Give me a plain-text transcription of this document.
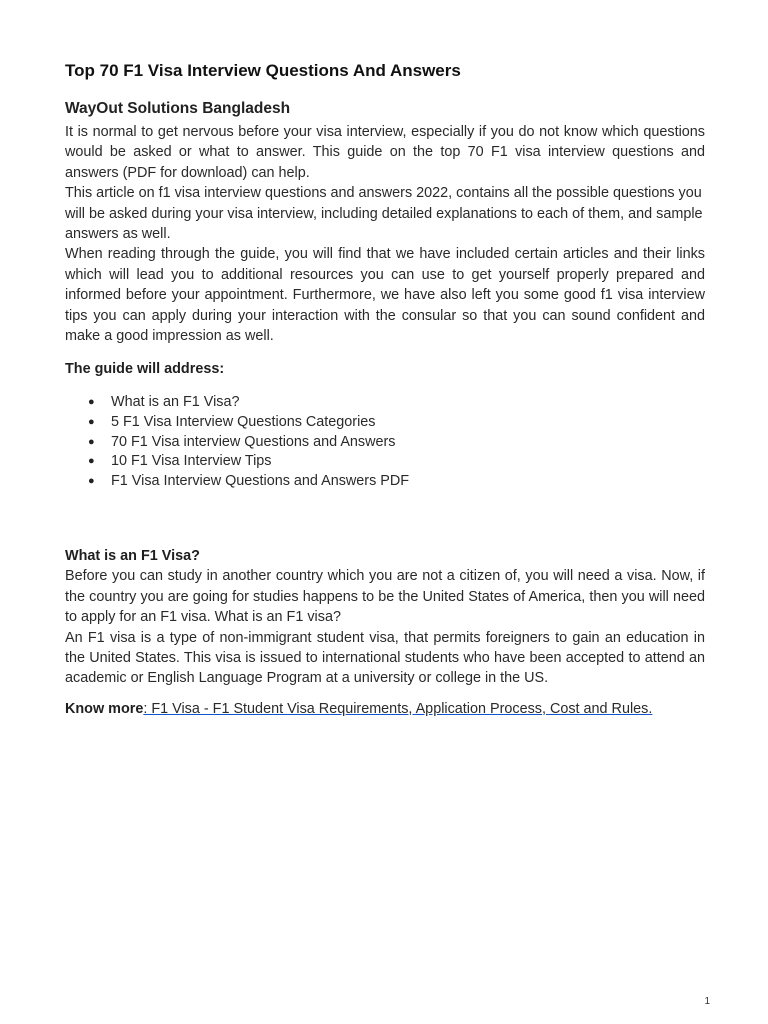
Top 70 F1 Visa Interview Questions And Answers
WayOut Solutions Bangladesh

It is normal to get nervous before your visa interview, especially if you do not know which questions would be asked or what to answer. This guide on the top 70 F1 visa interview questions and answers (PDF for download) can help.

This article on f1 visa interview questions and answers 2022, contains all the possible questions you will be asked during your visa interview, including detailed explanations to each of them, and sample answers as well.

When reading through the guide, you will find that we have included certain articles and their links which will lead you to additional resources you can use to get yourself properly prepared and informed before your appointment. Furthermore, we have also left you some good f1 visa interview tips you can apply during your interaction with the consular so that you can sound confident and make a good impression as well.

The guide will address:
● What is an F1 Visa?
● 5 F1 Visa Interview Questions Categories
● 70 F1 Visa interview Questions and Answers
● 10 F1 Visa Interview Tips
● F1 Visa Interview Questions and Answers PDF
What is an F1 Visa?

Before you can study in another country which you are not a citizen of, you will need a visa. Now, if the country you are going for studies happens to be the United States of America, then you will need to apply for an F1 visa. What is an F1 visa?

An F1 visa is a type of non-immigrant student visa, that permits foreigners to gain an education in the United States. This visa is issued to international students who have been accepted to attend an academic or English Language Program at a university or college in the US.

Know more: F1 Visa - F1 Student Visa Requirements, Application Process, Cost and Rules.

1
